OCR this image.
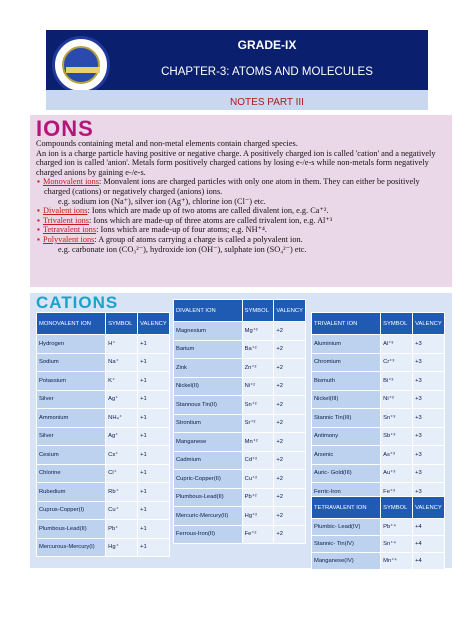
GRADE-IX
CHAPTER-3: ATOMS AND MOLECULES
NOTES PART III
IONS

Compounds containing metal and non-metal elements contain charged species.

An ion is a charge particle having positive or negative charge. A positively charged ion is called 'cation' and a negatively charged ion is called 'anion'. Metals form positively charged cations by losing e-/e-s while non-metals form negatively charged anions by gaining e-/e-s.

▪ Monovalent ions: Monvalent ions are charged particles with only one atom in them. They can either be positively charged (cations) or negatively charged (anions) ions.

e.g. sodium ion (Na⁺), silver ion (Ag⁺), chlorine ion (Cl⁻) etc.

▪ Divalent ions: Ions which are made up of two atoms are called divalent ion, e.g. Ca⁺².

▪ Trivalent ions: Ions which are made-up of three atoms are called trivalent ion, e.g. Al⁺³

▪ Tetravalent ions: Ions which are made-up of four atoms; e.g. NH⁺⁴.

▪ Polyvalent ions: A group of atoms carrying a charge is called a polyvalent ion.

e.g. carbonate ion (CO₃²⁻), hydroxide ion (OH⁻), sulphate ion (SO₄²⁻) etc.

CATIONS
MONOVALENT ION	SYMBOL	VALENCY
Hydrogen	H⁺	+1
Sodium	Na⁺	+1
Potassium	K⁺	+1
Silver	Ag⁺	+1
Ammonium	NH₄⁺	+1
Silver	Ag⁺	+1
Cesium	Cs⁺	+1
Chlorine	Cl⁺	+1
Rubedium	Rb⁺	+1
Cuprus-Copper(I)	Cu⁺	+1
Plumbous-Lead(II)	Pb⁺	+1
Mercurous-Mercury(I)	Hg⁺	+1
DIVALENT ION	SYMBOL	VALENCY
Magnesium	Mg⁺²	+2
Barium	Ba⁺²	+2
Zink	Zn⁺²	+2
Nickel(II)	Ni⁺²	+2
Stannous Tin(II)	Sn⁺²	+2
Strontium	Sr⁺²	+2
Manganese	Mn⁺²	+2
Cadmium	Cd⁺²	+2
Cupric-Copper(II)	Cu⁺²	+2
Plumbous-Lead(II)	Pb⁺²	+2
Mercuric-Mercury(II)	Hg⁺²	+2
Ferrous-Iron(II)	Fe⁺²	+2
TRIVALENT ION	SYMBOL	VALENCY
Aluminium	Al⁺³	+3
Chromium	Cr⁺³	+3
Bismuth	Bi⁺³	+3
Nickel(III)	Ni⁺³	+3
Stannic Tin(III)	Sn⁺³	+3
Antimony	Sb⁺³	+3
Arsenic	As⁺³	+3
Auric- Gold(III)	Au⁺³	+3
Ferric-Iron	Fe⁺³	+3
TETRAVALENT ION	SYMBOL	VALENCY
Plumbic- Lead(IV)	Pb⁺⁴	+4
Stannic- Tin(IV)	Sn⁺⁴	+4
Manganese(IV)	Mn⁺⁴	+4
